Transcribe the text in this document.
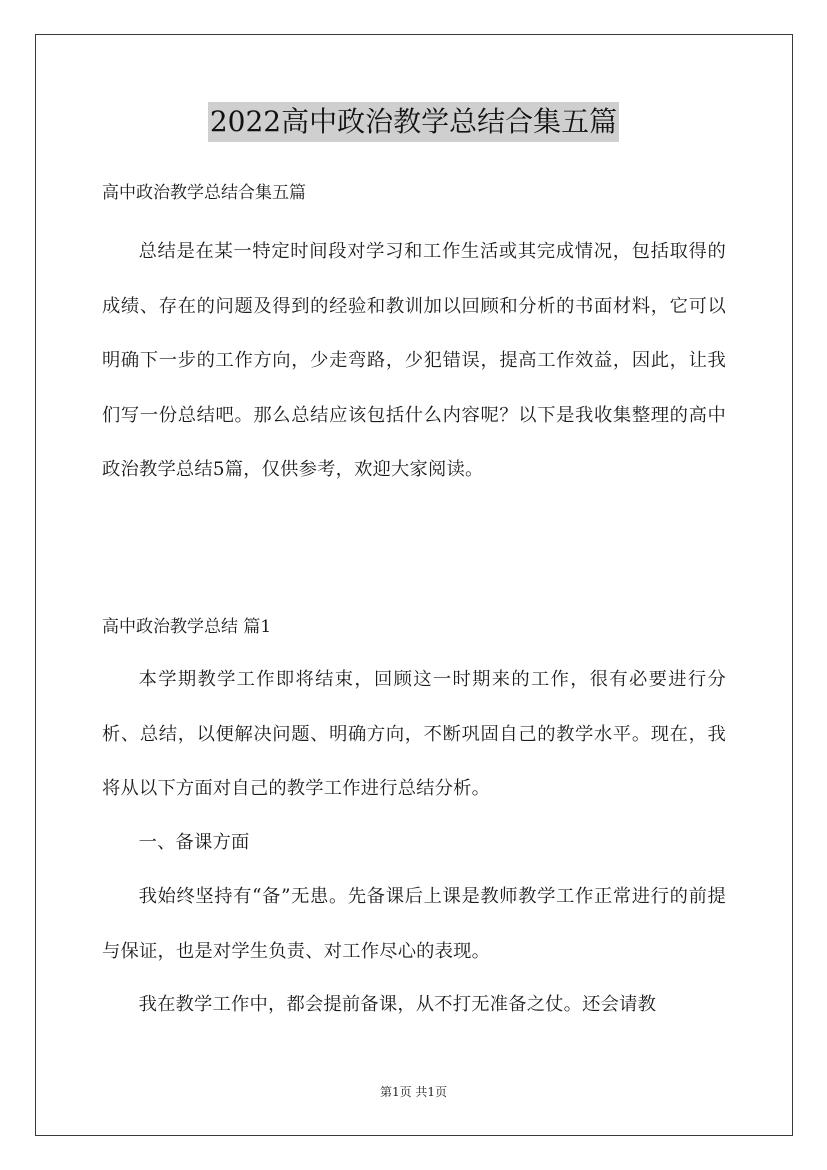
2022高中政治教学总结合集五篇
高中政治教学总结合集五篇

总结是在某一特定时间段对学习和工作生活或其完成情况，包括取得的成绩、存在的问题及得到的经验和教训加以回顾和分析的书面材料，它可以明确下一步的工作方向，少走弯路，少犯错误，提高工作效益，因此，让我们写一份总结吧。那么总结应该包括什么内容呢？以下是我收集整理的高中政治教学总结5篇，仅供参考，欢迎大家阅读。

高中政治教学总结 篇1

本学期教学工作即将结束，回顾这一时期来的工作，很有必要进行分析、总结，以便解决问题、明确方向，不断巩固自己的教学水平。现在，我将从以下方面对自己的教学工作进行总结分析。

一、备课方面

我始终坚持有“备”无患。先备课后上课是教师教学工作正常进行的前提与保证，也是对学生负责、对工作尽心的表现。

我在教学工作中，都会提前备课，从不打无准备之仗。还会请教

第1页 共1页
